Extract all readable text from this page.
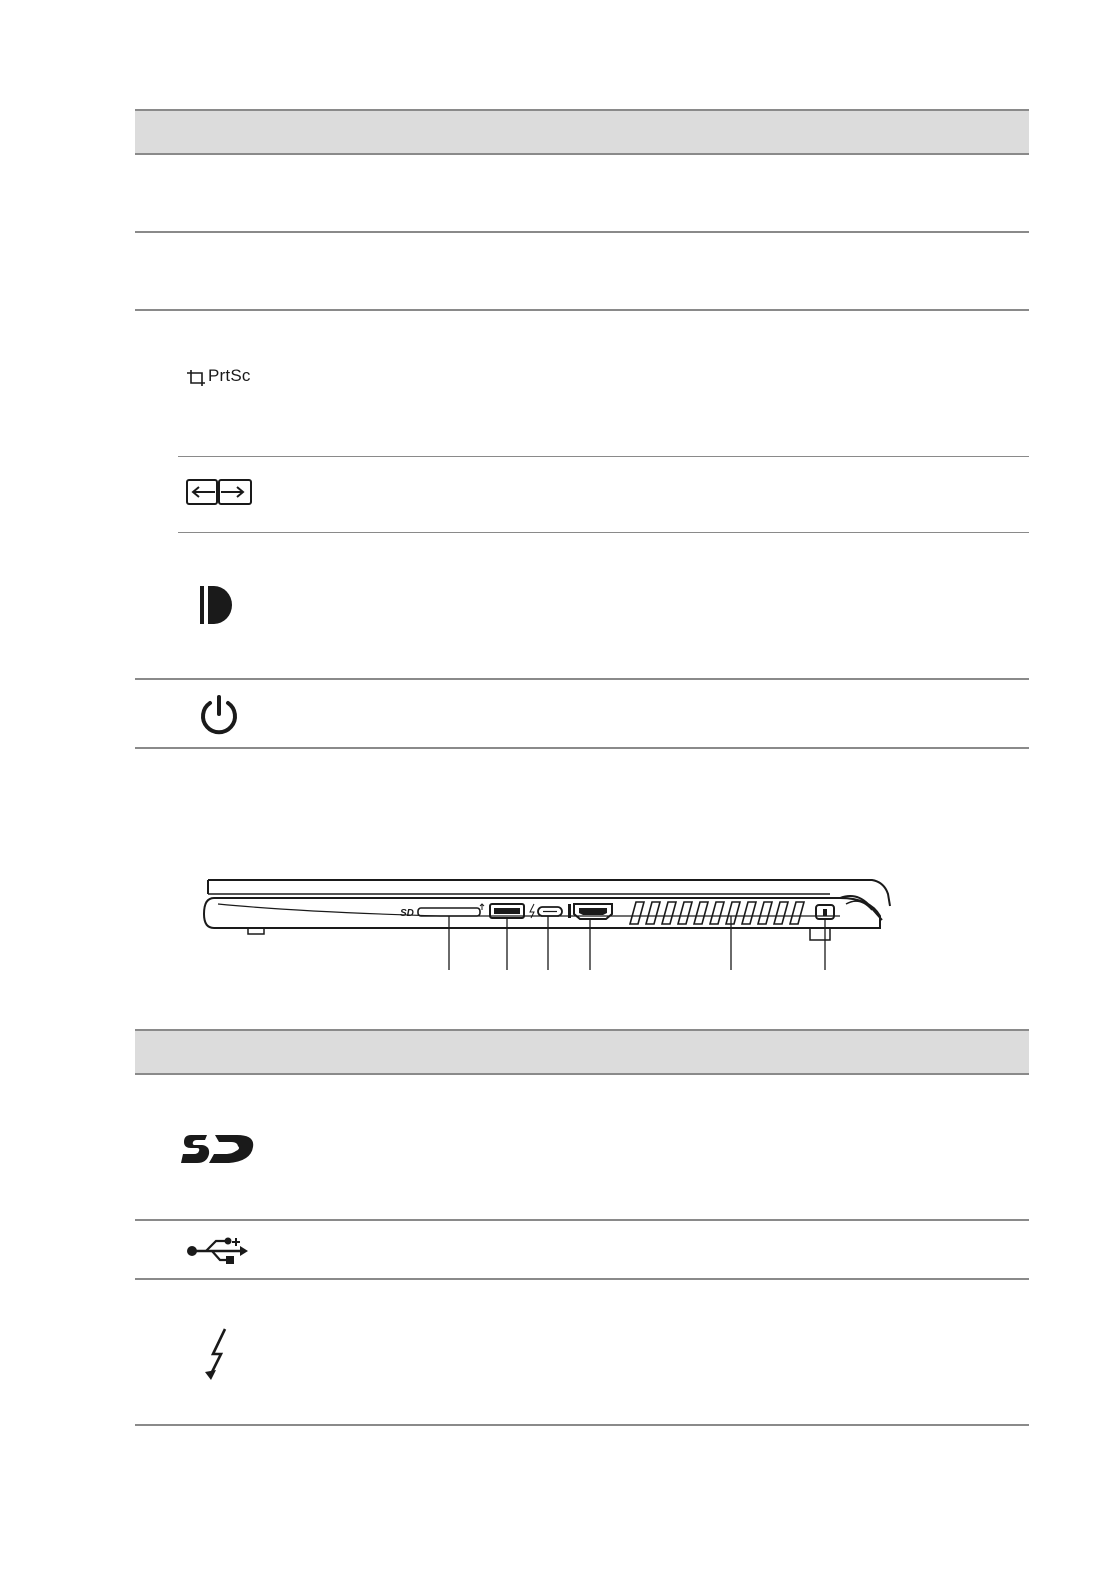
PrtSc
SD
